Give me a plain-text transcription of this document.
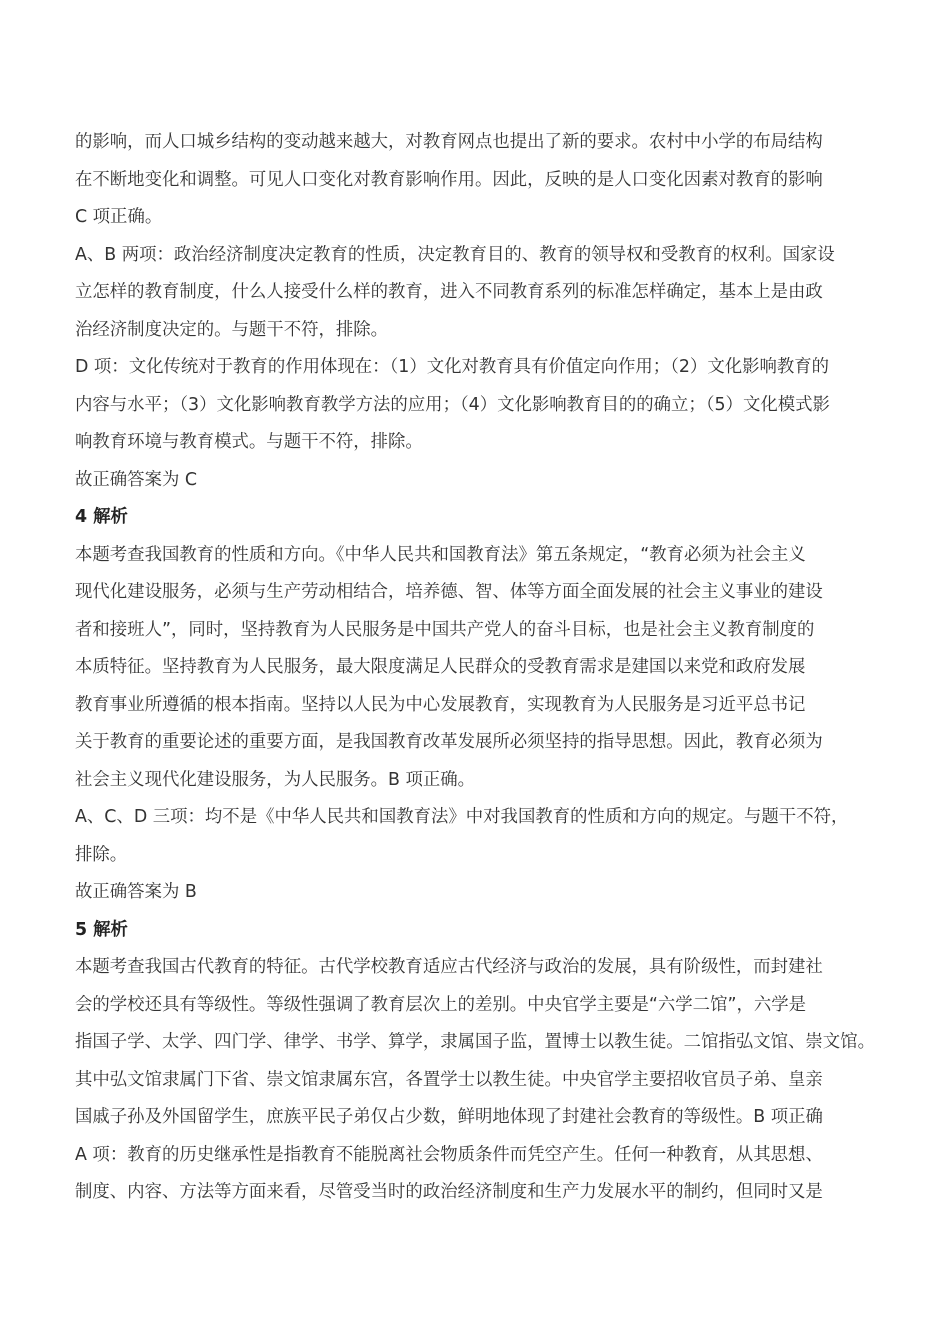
的影响，而人口城乡结构的变动越来越大，对教育网点也提出了新的要求。农村中小学的布局结构

在不断地变化和调整。可见人口变化对教育影响作用。因此，反映的是人口变化因素对教育的影响

C 项正确。

A、B 两项：政治经济制度决定教育的性质，决定教育目的、教育的领导权和受教育的权利。国家设

立怎样的教育制度，什么人接受什么样的教育，进入不同教育系列的标准怎样确定，基本上是由政

治经济制度决定的。与题干不符，排除。

D 项：文化传统对于教育的作用体现在：（1）文化对教育具有价值定向作用；（2）文化影响教育的

内容与水平；（3）文化影响教育教学方法的应用；（4）文化影响教育目的的确立；（5）文化模式影

响教育环境与教育模式。与题干不符，排除。

故正确答案为 C

4 解析

本题考查我国教育的性质和方向。《中华人民共和国教育法》第五条规定，“教育必须为社会主义

现代化建设服务，必须与生产劳动相结合，培养德、智、体等方面全面发展的社会主义事业的建设

者和接班人”，同时，坚持教育为人民服务是中国共产党人的奋斗目标，也是社会主义教育制度的

本质特征。坚持教育为人民服务，最大限度满足人民群众的受教育需求是建国以来党和政府发展

教育事业所遵循的根本指南。坚持以人民为中心发展教育，实现教育为人民服务是习近平总书记

关于教育的重要论述的重要方面，是我国教育改革发展所必须坚持的指导思想。因此，教育必须为

社会主义现代化建设服务，为人民服务。B 项正确。

A、C、D 三项：均不是《中华人民共和国教育法》中对我国教育的性质和方向的规定。与题干不符，

排除。

故正确答案为 B

5 解析

本题考查我国古代教育的特征。古代学校教育适应古代经济与政治的发展，具有阶级性，而封建社

会的学校还具有等级性。等级性强调了教育层次上的差别。中央官学主要是“六学二馆”，六学是

指国子学、太学、四门学、律学、书学、算学，隶属国子监，置博士以教生徒。二馆指弘文馆、崇文馆。

其中弘文馆隶属门下省、崇文馆隶属东宫，各置学士以教生徒。中央官学主要招收官员子弟、皇亲

国戚子孙及外国留学生，庶族平民子弟仅占少数，鲜明地体现了封建社会教育的等级性。B 项正确

A 项：教育的历史继承性是指教育不能脱离社会物质条件而凭空产生。任何一种教育，从其思想、

制度、内容、方法等方面来看，尽管受当时的政治经济制度和生产力发展水平的制约，但同时又是
